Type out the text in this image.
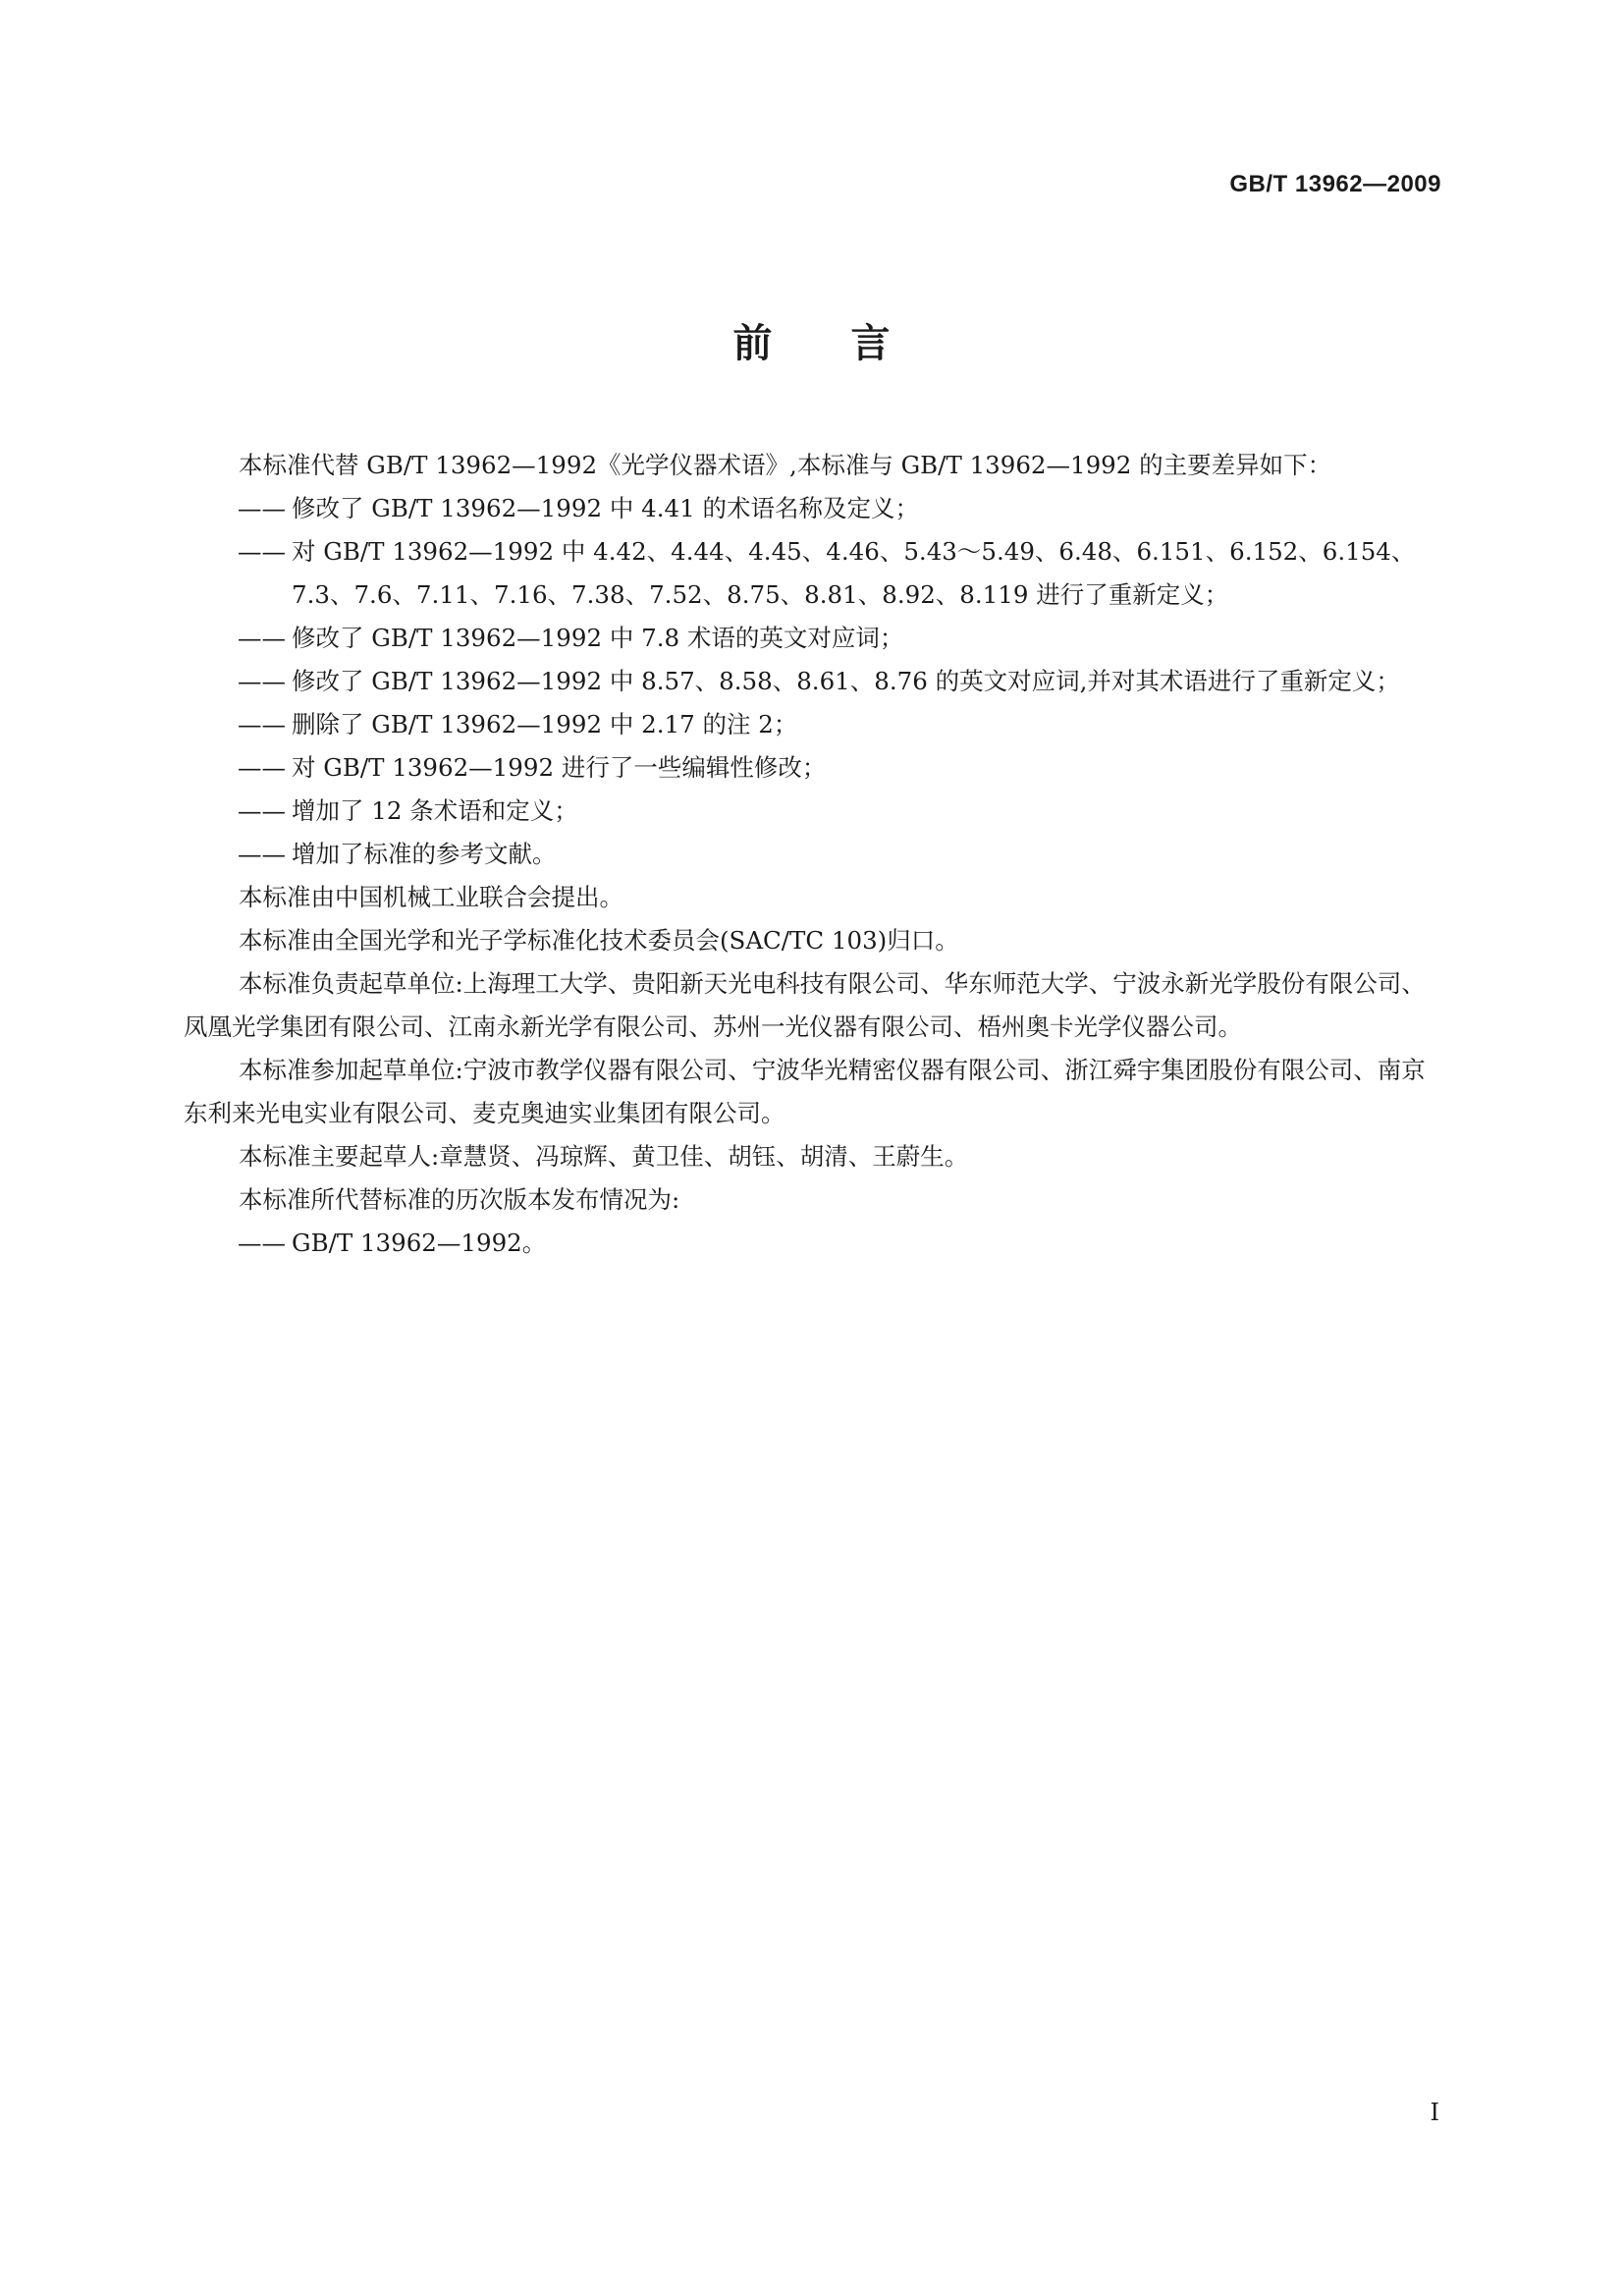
GB/T 13962—2009
前 言

本标准代替 GB/T 13962—1992《光学仪器术语》,本标准与 GB/T 13962—1992 的主要差异如下：

—— 修改了 GB/T 13962—1992 中 4.41 的术语名称及定义；

—— 对 GB/T 13962—1992 中 4.42、4.44、4.45、4.46、5.43～5.49、6.48、6.151、6.152、6.154、7.3、7.6、7.11、7.16、7.38、7.52、8.75、8.81、8.92、8.119 进行了重新定义；

—— 修改了 GB/T 13962—1992 中 7.8 术语的英文对应词；

—— 修改了 GB/T 13962—1992 中 8.57、8.58、8.61、8.76 的英文对应词,并对其术语进行了重新定义；

—— 删除了 GB/T 13962—1992 中 2.17 的注 2；

—— 对 GB/T 13962—1992 进行了一些编辑性修改；

—— 增加了 12 条术语和定义；

—— 增加了标准的参考文献。

本标准由中国机械工业联合会提出。

本标准由全国光学和光子学标准化技术委员会(SAC/TC 103)归口。

本标准负责起草单位:上海理工大学、贵阳新天光电科技有限公司、华东师范大学、宁波永新光学股份有限公司、凤凰光学集团有限公司、江南永新光学有限公司、苏州一光仪器有限公司、梧州奥卡光学仪器公司。

本标准参加起草单位:宁波市教学仪器有限公司、宁波华光精密仪器有限公司、浙江舜宇集团股份有限公司、南京东利来光电实业有限公司、麦克奥迪实业集团有限公司。

本标准主要起草人:章慧贤、冯琼辉、黄卫佳、胡钰、胡清、王蔚生。

本标准所代替标准的历次版本发布情况为:

—— GB/T 13962—1992。

I
